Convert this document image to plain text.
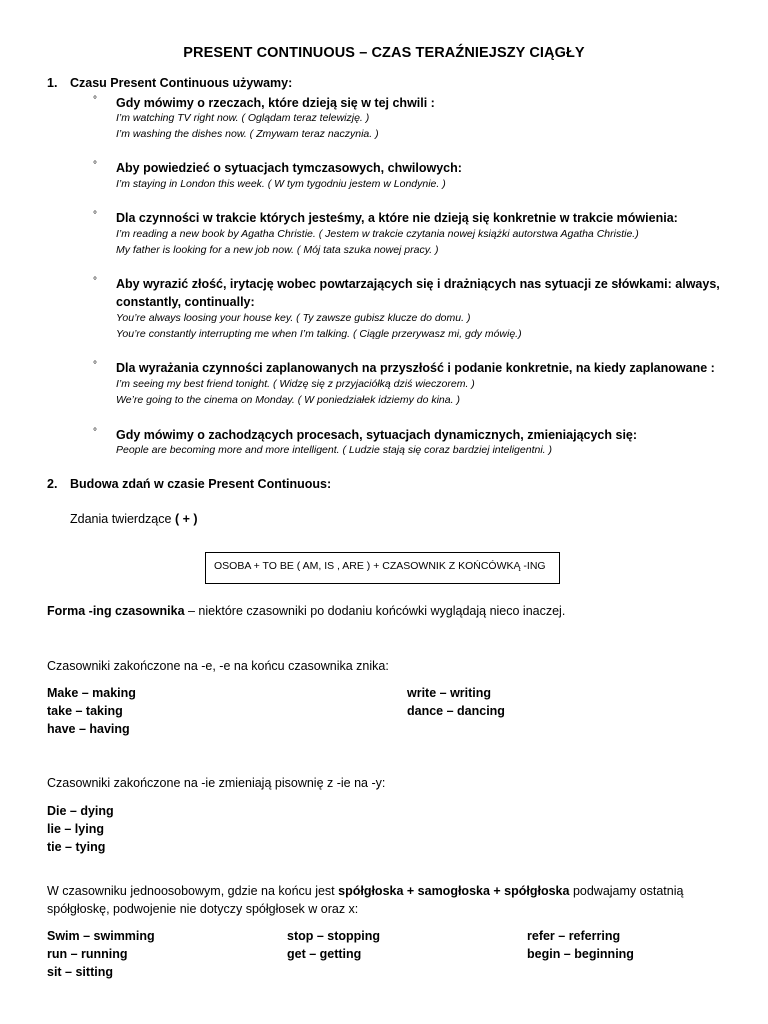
PRESENT CONTINUOUS – CZAS TERAŹNIEJSZY CIĄGŁY
1. Czasu Present Continuous używamy:
° Gdy mówimy o rzeczach, które dzieją się w tej chwili :
I’m watching TV right now. ( Oglądam teraz telewizję. )
I’m washing the dishes now. ( Zmywam teraz naczynia. )
° Aby powiedzieć o sytuacjach tymczasowych, chwilowych:
I’m staying in London this week. ( W tym tygodniu jestem w Londynie. )
° Dla czynności w trakcie których jesteśmy, a które nie dzieją się konkretnie w trakcie mówienia:
I’m reading a new book by Agatha Christie. ( Jestem w trakcie czytania nowej książki autorstwa Agatha Christie.)
My father is looking for a new job now. ( Mój tata szuka nowej pracy. )
° Aby wyrazić złość, irytację wobec powtarzających się i drażniących nas sytuacji ze słówkami: always,
constantly, continually:
You’re always loosing your house key. ( Ty zawsze gubisz klucze do domu. )
You’re constantly interrupting me when I’m talking. ( Ciągle przerywasz mi, gdy mówię.)
° Dla wyrażania czynności zaplanowanych na przyszłość i podanie konkretnie, na kiedy zaplanowane :
I’m seeing my best friend tonight. ( Widzę się z przyjaciółką dziś wieczorem. )
We’re going to the cinema on Monday. ( W poniedziałek idziemy do kina. )
° Gdy mówimy o zachodzących procesach, sytuacjach dynamicznych, zmieniających się:
People are becoming more and more intelligent. ( Ludzie stają się coraz bardziej inteligentni. )
2. Budowa zdań w czasie Present Continuous:
Zdania twierdzące ( + )
OSOBA + TO BE ( AM, IS , ARE ) + CZASOWNIK Z KOŃCÓWKĄ -ING
Forma -ing czasownika – niektóre czasowniki po dodaniu końcówki wyglądają nieco inaczej.
Czasowniki zakończone na -e, -e na końcu czasownika znika:
Make – making
take – taking
have – having
write – writing
dance – dancing
Czasowniki zakończone na -ie zmieniają pisownię z -ie na -y:
Die – dying
lie – lying
tie – tying
W czasowniku jednoosobowym, gdzie na końcu jest spółgłoska + samogłoska + spółgłoska podwajamy ostatnią
spółgłoskę, podwojenie nie dotyczy spółgłosek w oraz x:
Swim – swimming
run – running
sit – sitting
stop – stopping
get – getting
refer – referring
begin – beginning
